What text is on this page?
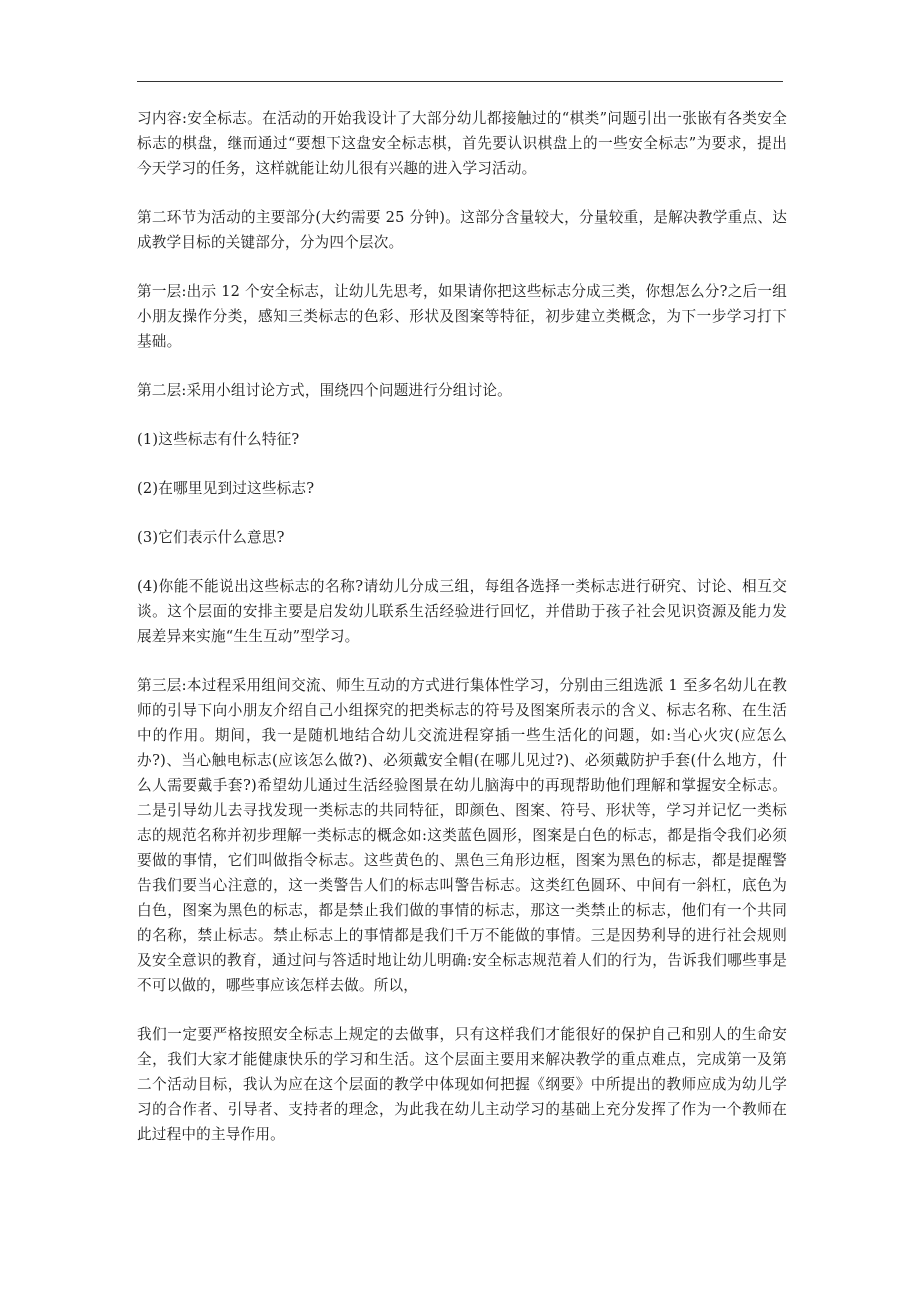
习内容:安全标志。在活动的开始我设计了大部分幼儿都接触过的“棋类”问题引出一张嵌有各类安全标志的棋盘，继而通过“要想下这盘安全标志棋，首先要认识棋盘上的一些安全标志”为要求，提出今天学习的任务，这样就能让幼儿很有兴趣的进入学习活动。

第二环节为活动的主要部分(大约需要 25 分钟)。这部分含量较大，分量较重，是解决教学重点、达成教学目标的关键部分，分为四个层次。

第一层:出示 12 个安全标志，让幼儿先思考，如果请你把这些标志分成三类，你想怎么分?之后一组小朋友操作分类，感知三类标志的色彩、形状及图案等特征，初步建立类概念，为下一步学习打下基础。

第二层:采用小组讨论方式，围绕四个问题进行分组讨论。

(1)这些标志有什么特征?

(2)在哪里见到过这些标志?

(3)它们表示什么意思?

(4)你能不能说出这些标志的名称?请幼儿分成三组，每组各选择一类标志进行研究、讨论、相互交谈。这个层面的安排主要是启发幼儿联系生活经验进行回忆，并借助于孩子社会见识资源及能力发展差异来实施“生生互动”型学习。

第三层:本过程采用组间交流、师生互动的方式进行集体性学习，分别由三组选派 1 至多名幼儿在教师的引导下向小朋友介绍自己小组探究的把类标志的符号及图案所表示的含义、标志名称、在生活中的作用。期间，我一是随机地结合幼儿交流进程穿插一些生活化的问题，如:当心火灾(应怎么办?)、当心触电标志(应该怎么做?)、必须戴安全帽(在哪儿见过?)、必须戴防护手套(什么地方，什么人需要戴手套?)希望幼儿通过生活经验图景在幼儿脑海中的再现帮助他们理解和掌握安全标志。二是引导幼儿去寻找发现一类标志的共同特征，即颜色、图案、符号、形状等，学习并记忆一类标志的规范名称并初步理解一类标志的概念如:这类蓝色圆形，图案是白色的标志，都是指令我们必须要做的事情，它们叫做指令标志。这些黄色的、黑色三角形边框，图案为黑色的标志，都是提醒警告我们要当心注意的，这一类警告人们的标志叫警告标志。这类红色圆环、中间有一斜杠，底色为白色，图案为黑色的标志，都是禁止我们做的事情的标志，那这一类禁止的标志，他们有一个共同的名称，禁止标志。禁止标志上的事情都是我们千万不能做的事情。三是因势利导的进行社会规则及安全意识的教育，通过问与答适时地让幼儿明确:安全标志规范着人们的行为，告诉我们哪些事是不可以做的，哪些事应该怎样去做。所以，

我们一定要严格按照安全标志上规定的去做事，只有这样我们才能很好的保护自己和别人的生命安全，我们大家才能健康快乐的学习和生活。这个层面主要用来解决教学的重点难点，完成第一及第二个活动目标，我认为应在这个层面的教学中体现如何把握《纲要》中所提出的教师应成为幼儿学习的合作者、引导者、支持者的理念，为此我在幼儿主动学习的基础上充分发挥了作为一个教师在此过程中的主导作用。
